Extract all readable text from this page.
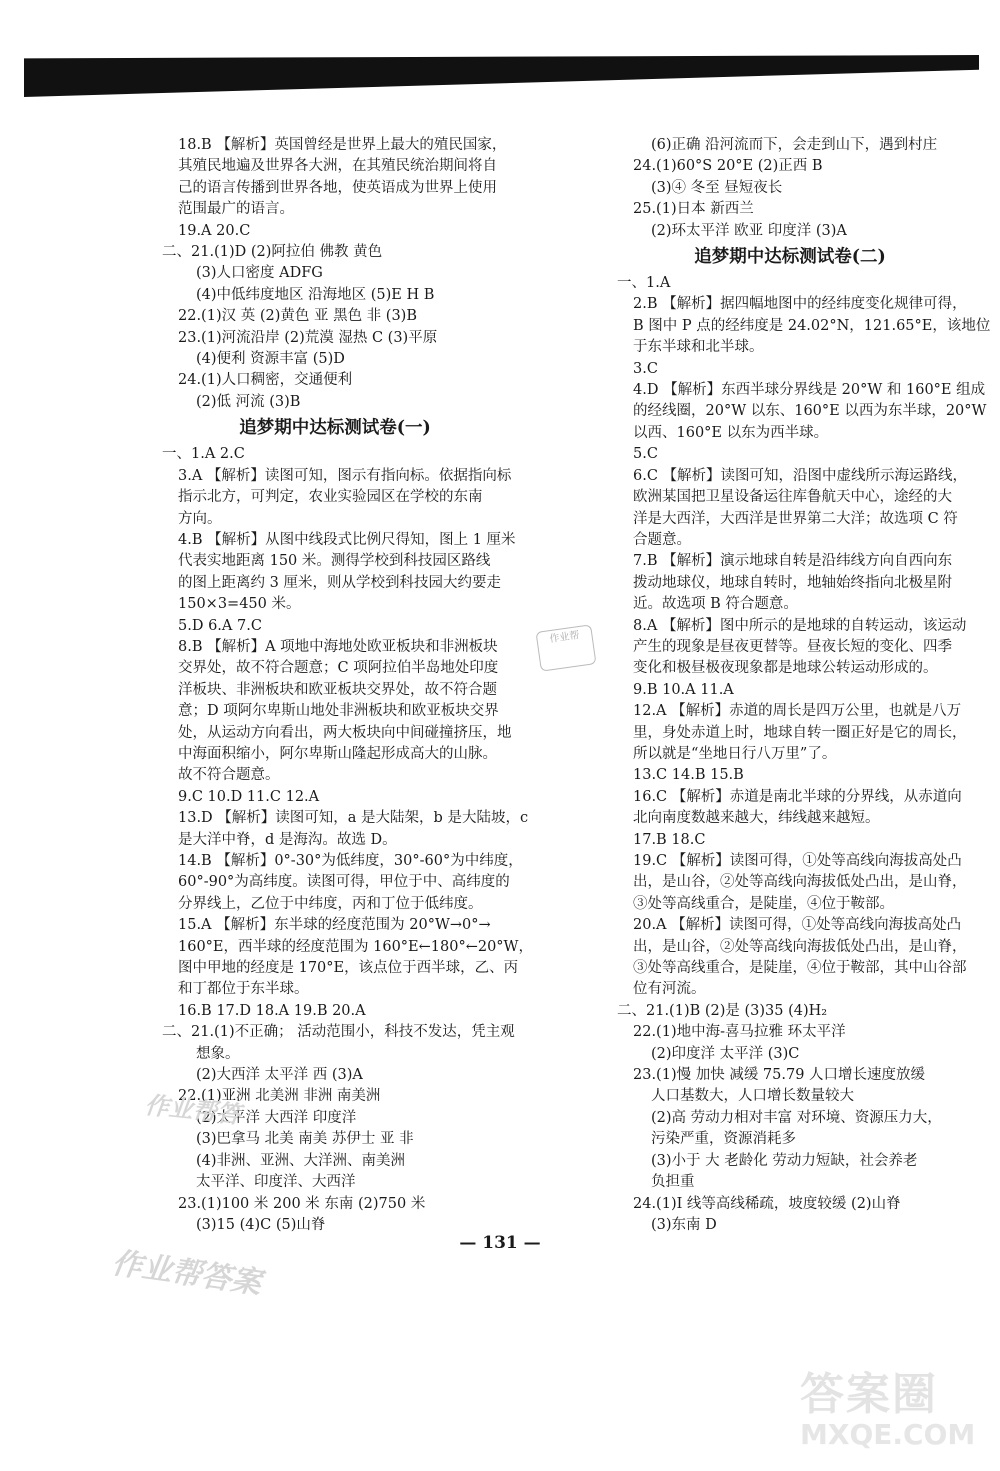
18.B 【解析】英国曾经是世界上最大的殖民国家，

其殖民地遍及世界各大洲，在其殖民统治期间将自

己的语言传播到世界各地，使英语成为世界上使用

范围最广的语言。

19.A 20.C

二、21.(1)D (2)阿拉伯 佛教 黄色

(3)人口密度 ADFG

(4)中低纬度地区 沿海地区 (5)E H B

22.(1)汉 英 (2)黄色 亚 黑色 非 (3)B

23.(1)河流沿岸 (2)荒漠 湿热 C (3)平原

(4)便利 资源丰富 (5)D

24.(1)人口稠密，交通便利

(2)低 河流 (3)B

追梦期中达标测试卷(一)

一、1.A 2.C

3.A 【解析】读图可知，图示有指向标。依据指向标

指示北方，可判定，农业实验园区在学校的东南

方向。

4.B 【解析】从图中线段式比例尺得知，图上 1 厘米

代表实地距离 150 米。测得学校到科技园区路线

的图上距离约 3 厘米，则从学校到科技园大约要走

150×3=450 米。

5.D 6.A 7.C

8.B 【解析】A 项地中海地处欧亚板块和非洲板块

交界处，故不符合题意；C 项阿拉伯半岛地处印度

洋板块、非洲板块和欧亚板块交界处，故不符合题

意；D 项阿尔卑斯山地处非洲板块和欧亚板块交界

处，从运动方向看出，两大板块向中间碰撞挤压，地

中海面积缩小，阿尔卑斯山隆起形成高大的山脉。

故不符合题意。

9.C 10.D 11.C 12.A

13.D 【解析】读图可知，a 是大陆架，b 是大陆坡，c

是大洋中脊，d 是海沟。故选 D。

14.B 【解析】0°-30°为低纬度，30°-60°为中纬度，

60°-90°为高纬度。读图可得，甲位于中、高纬度的

分界线上，乙位于中纬度，丙和丁位于低纬度。

15.A 【解析】东半球的经度范围为 20°W→0°→

160°E，西半球的经度范围为 160°E←180°←20°W，

图中甲地的经度是 170°E，该点位于西半球，乙、丙

和丁都位于东半球。

16.B 17.D 18.A 19.B 20.A

二、21.(1)不正确； 活动范围小，科技不发达，凭主观

想象。

(2)大西洋 太平洋 西 (3)A

22.(1)亚洲 北美洲 非洲 南美洲

(2)太平洋 大西洋 印度洋

(3)巴拿马 北美 南美 苏伊士 亚 非

(4)非洲、亚洲、大洋洲、南美洲

太平洋、印度洋、大西洋

23.(1)100 米 200 米 东南 (2)750 米

(3)15 (4)C (5)山脊

(6)正确 沿河流而下，会走到山下，遇到村庄

24.(1)60°S 20°E (2)正西 B

(3)④ 冬至 昼短夜长

25.(1)日本 新西兰

(2)环太平洋 欧亚 印度洋 (3)A

追梦期中达标测试卷(二)

一、1.A

2.B 【解析】据四幅地图中的经纬度变化规律可得，

B 图中 P 点的经纬度是 24.02°N，121.65°E，该地位

于东半球和北半球。

3.C

4.D 【解析】东西半球分界线是 20°W 和 160°E 组成

的经线圈，20°W 以东、160°E 以西为东半球，20°W

以西、160°E 以东为西半球。

5.C

6.C 【解析】读图可知，沿图中虚线所示海运路线，

欧洲某国把卫星设备运往库鲁航天中心，途经的大

洋是大西洋，大西洋是世界第二大洋；故选项 C 符

合题意。

7.B 【解析】演示地球自转是沿纬线方向自西向东

拨动地球仪，地球自转时，地轴始终指向北极星附

近。故选项 B 符合题意。

8.A 【解析】图中所示的是地球的自转运动，该运动

产生的现象是昼夜更替等。昼夜长短的变化、四季

变化和极昼极夜现象都是地球公转运动形成的。

9.B 10.A 11.A

12.A 【解析】赤道的周长是四万公里，也就是八万

里，身处赤道上时，地球自转一圈正好是它的周长，

所以就是“坐地日行八万里”了。

13.C 14.B 15.B

16.C 【解析】赤道是南北半球的分界线，从赤道向

北向南度数越来越大，纬线越来越短。

17.B 18.C

19.C 【解析】读图可得，①处等高线向海拔高处凸

出，是山谷，②处等高线向海拔低处凸出，是山脊，

③处等高线重合，是陡崖，④位于鞍部。

20.A 【解析】读图可得，①处等高线向海拔高处凸

出，是山谷，②处等高线向海拔低处凸出，是山脊，

③处等高线重合，是陡崖，④位于鞍部，其中山谷部

位有河流。

二、21.(1)B (2)是 (3)35 (4)H₂

22.(1)地中海-喜马拉雅 环太平洋

(2)印度洋 太平洋 (3)C

23.(1)慢 加快 减缓 75.79 人口增长速度放缓

人口基数大，人口增长数量较大

(2)高 劳动力相对丰富 对环境、资源压力大，

污染严重，资源消耗多

(3)小于 大 老龄化 劳动力短缺，社会养老

负担重

24.(1)I 线等高线稀疏，坡度较缓 (2)山脊

(3)东南 D

作业帮
作业帮答
作业帮答案
— 131 —
答案圈
MXQE.COM
